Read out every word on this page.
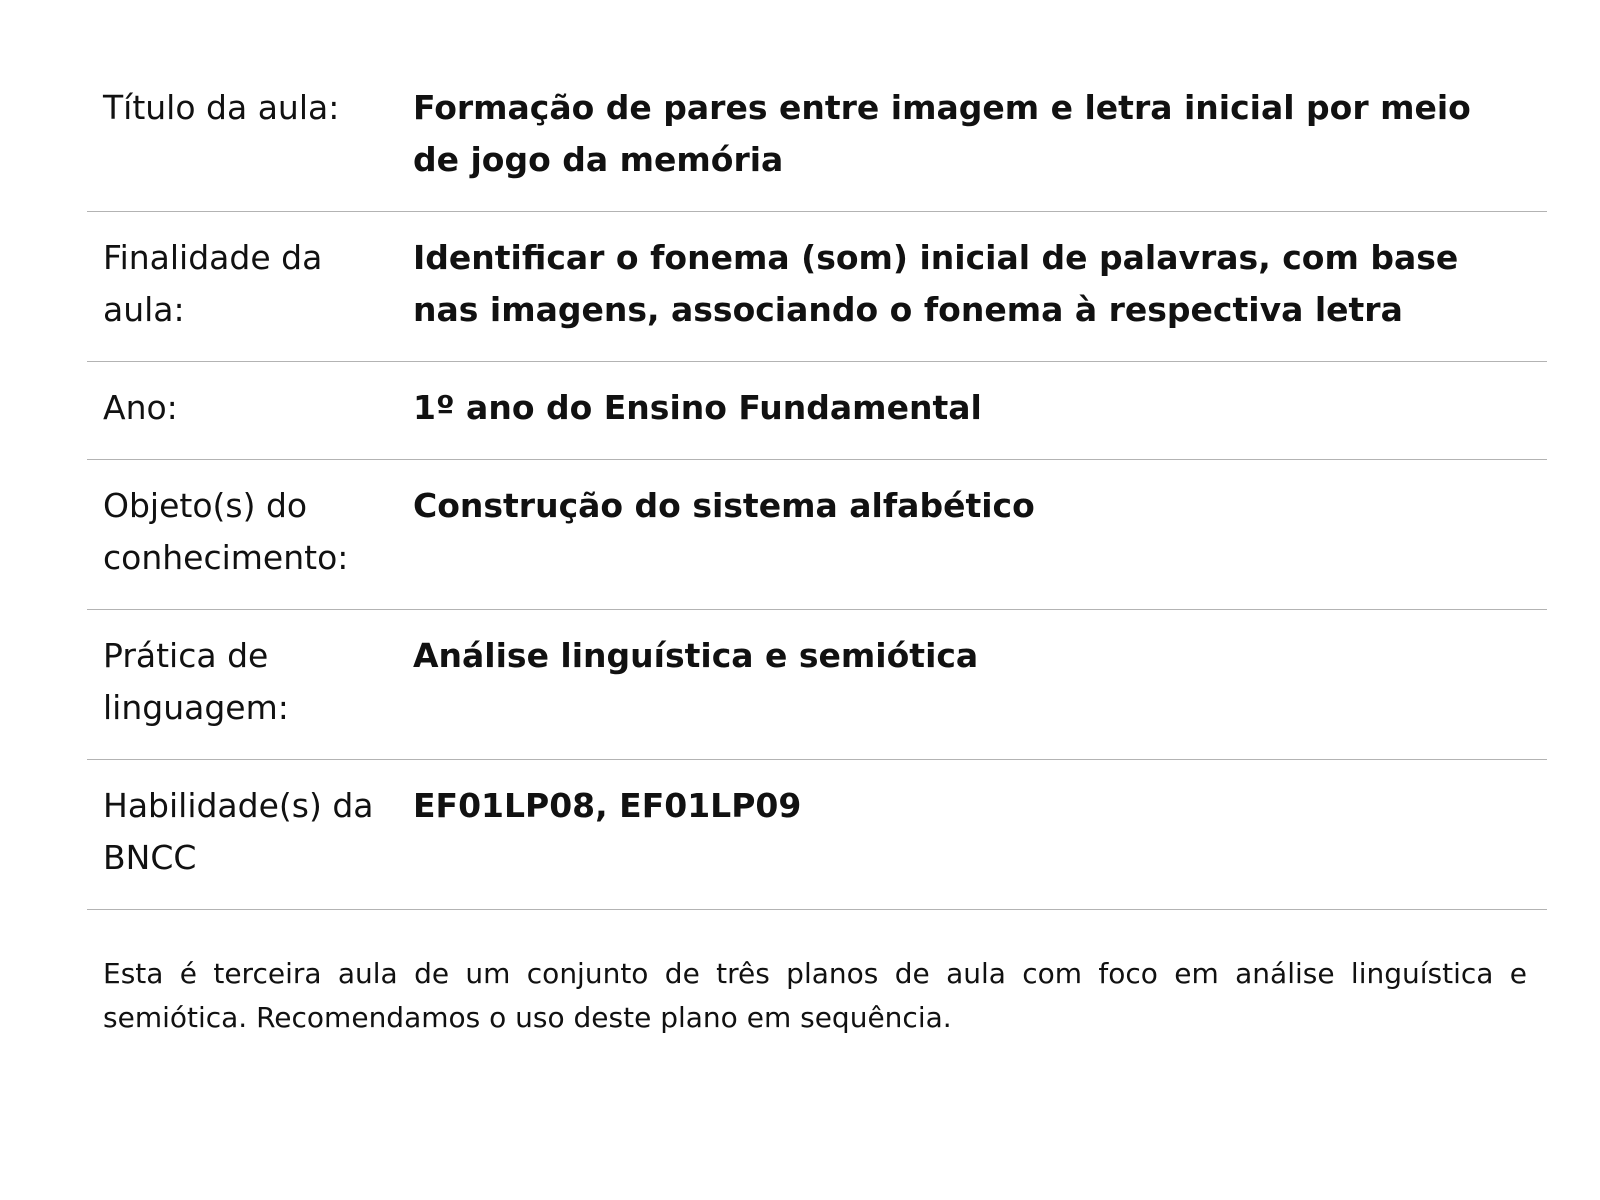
Título da aula:	Formação de pares entre imagem e letra inicial por meio de jogo da memória
Finalidade da aula:
Identificar o fonema (som) inicial de palavras, com base nas imagens, associando o fonema à respectiva letra
Ano:	1º ano do Ensino Fundamental
Objeto(s) do conhecimento:
Construção do sistema alfabético
Prática de linguagem:
Análise linguística e semiótica
Habilidade(s) da BNCC
EF01LP08, EF01LP09

Esta é terceira aula de um conjunto de três planos de aula com foco em análise linguística e semiótica. Recomendamos o uso deste plano em sequência.
